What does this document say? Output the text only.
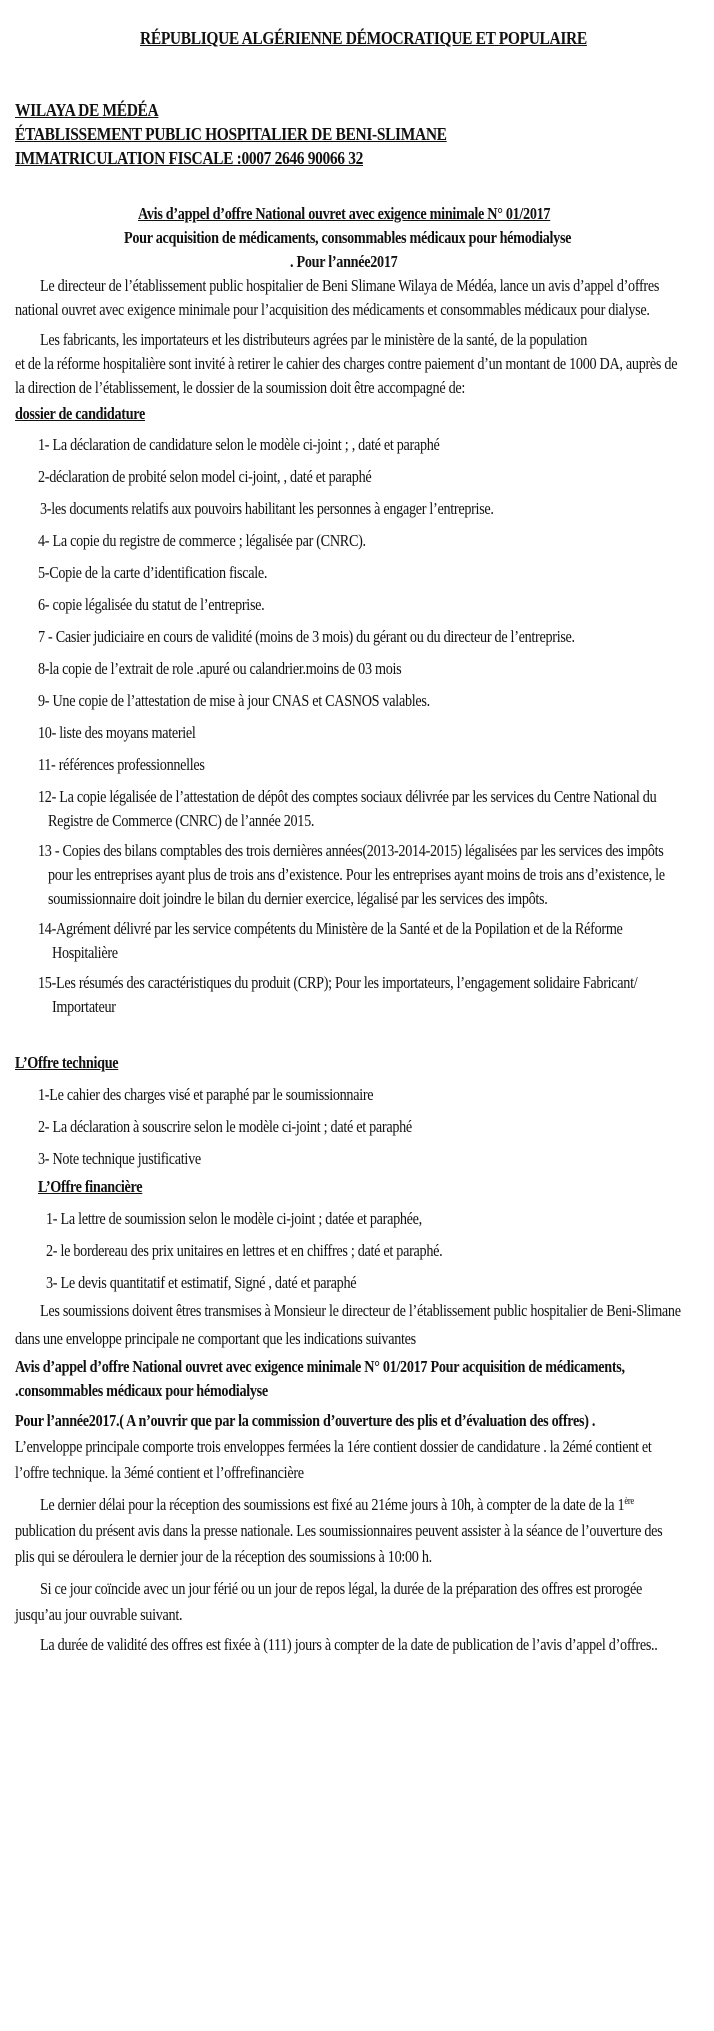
RÉPUBLIQUE ALGÉRIENNE DÉMOCRATIQUE ET POPULAIRE

WILAYA DE MÉDÉA

ÉTABLISSEMENT PUBLIC HOSPITALIER DE BENI-SLIMANE

IMMATRICULATION FISCALE :0007 2646 90066 32

Avis d’appel d’offre National ouvret avec exigence minimale N° 01/2017

Pour acquisition de médicaments, consommables médicaux pour hémodialyse

. Pour l’année2017

Le directeur de l’établissement public hospitalier de Beni Slimane Wilaya de Médéa, lance un avis d’appel d’offres

national ouvret avec exigence minimale pour l’acquisition des médicaments et consommables médicaux pour dialyse.

Les fabricants, les importateurs et les distributeurs agrées par le ministère de la santé, de la population

et de la réforme hospitalière sont invité à retirer le cahier des charges contre paiement d’un montant de 1000 DA, auprès de

la direction de l’établissement, le dossier de la soumission doit être accompagné de:

dossier de candidature

1- La déclaration de candidature selon le modèle ci-joint ; , daté et paraphé

2-déclaration de probité selon model ci-joint, , daté et paraphé

3-les documents relatifs aux pouvoirs habilitant les personnes à engager l’entreprise.

4- La copie du registre de commerce ; légalisée par (CNRC).

5-Copie de la carte d’identification fiscale.

6- copie légalisée du statut de l’entreprise.

7 - Casier judiciaire en cours de validité (moins de 3 mois) du gérant ou du directeur de l’entreprise.

8-la copie de l’extrait de role .apuré ou calandrier.moins de 03 mois

9- Une copie de l’attestation de mise à jour CNAS et CASNOS valables.

10- liste des moyans materiel

11- références professionnelles

12- La copie légalisée de l’attestation de dépôt des comptes sociaux délivrée par les services du Centre National du

Registre de Commerce (CNRC) de l’année 2015.

13 - Copies des bilans comptables des trois dernières années(2013-2014-2015) légalisées par les services des impôts

pour les entreprises ayant plus de trois ans d’existence. Pour les entreprises ayant moins de trois ans d’existence, le

soumissionnaire doit joindre le bilan du dernier exercice, légalisé par les services des impôts.

14-Agrément délivré par les service compétents du Ministère de la Santé et de la Popilation et de la Réforme

Hospitalière

15-Les résumés des caractéristiques du produit (CRP); Pour les importateurs, l’engagement solidaire Fabricant/

Importateur

L’Offre technique

1-Le cahier des charges visé et paraphé par le soumissionnaire

2- La déclaration à souscrire selon le modèle ci-joint ; daté et paraphé

3- Note technique justificative

L’Offre financière

1- La lettre de soumission selon le modèle ci-joint ; datée et paraphée,

2- le bordereau des prix unitaires en lettres et en chiffres ; daté et paraphé.

3- Le devis quantitatif et estimatif, Signé , daté et paraphé

Les soumissions doivent êtres transmises à Monsieur le directeur de l’établissement public hospitalier de Beni-Slimane

dans une enveloppe principale ne comportant que les indications suivantes

Avis d’appel d’offre National ouvret avec exigence minimale N° 01/2017 Pour acquisition de médicaments,

.consommables médicaux pour hémodialyse

Pour l’année2017.( A n’ouvrir que par la commission d’ouverture des plis et d’évaluation des offres) .

L’enveloppe principale comporte trois enveloppes fermées la 1ére contient dossier de candidature . la 2émé contient et

l’offre technique. la 3émé contient et l’offrefinancière

Le dernier délai pour la réception des soumissions est fixé au 21éme jours à 10h, à compter de la date de la 1ère

publication du présent avis dans la presse nationale. Les soumissionnaires peuvent assister à la séance de l’ouverture des

plis qui se déroulera le dernier jour de la réception des soumissions à 10:00 h.

Si ce jour coïncide avec un jour férié ou un jour de repos légal, la durée de la préparation des offres est prorogée

jusqu’au jour ouvrable suivant.

La durée de validité des offres est fixée à (111) jours à compter de la date de publication de l’avis d’appel d’offres..
